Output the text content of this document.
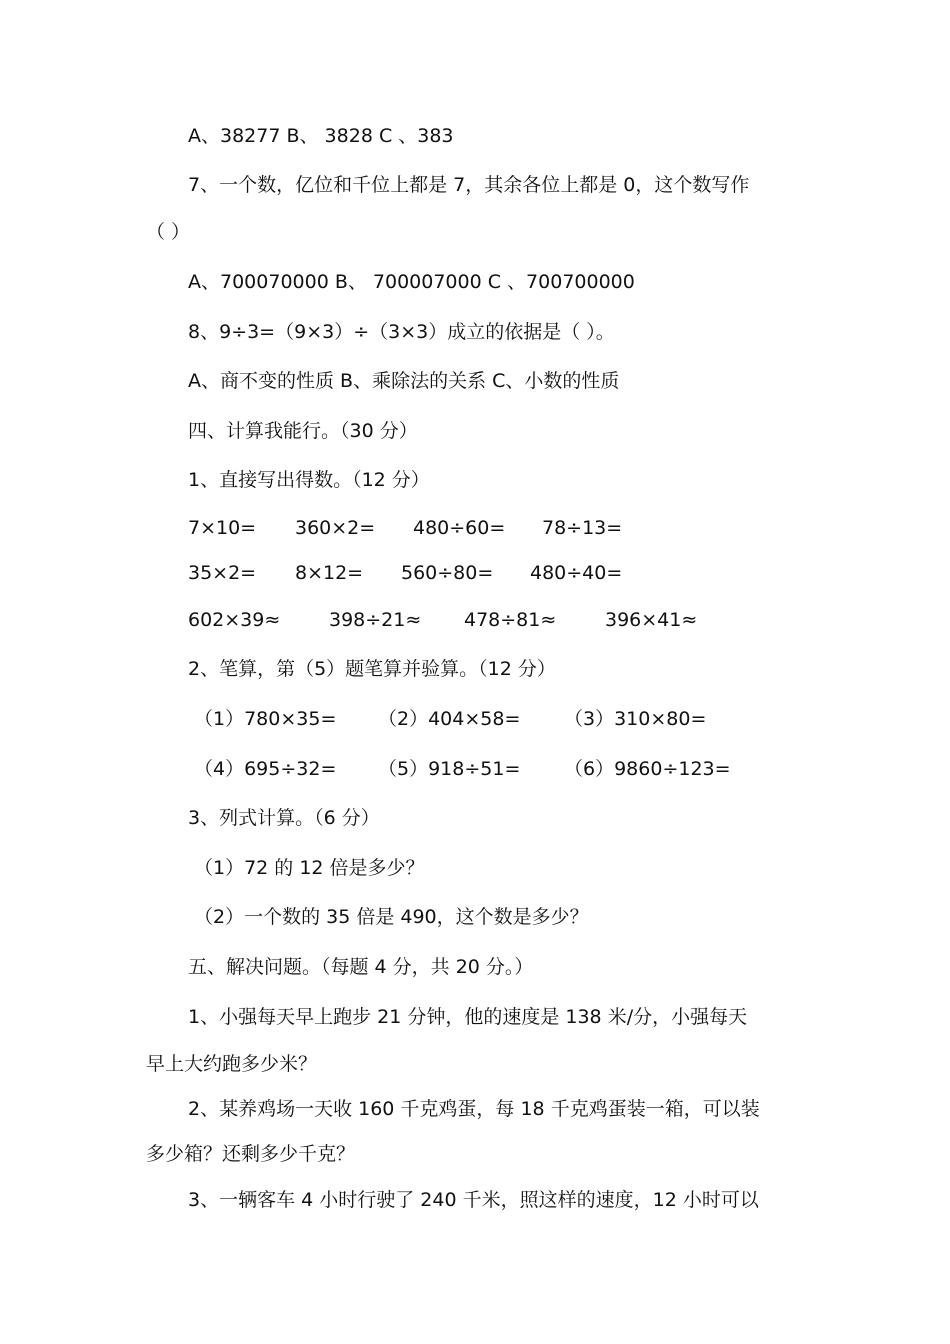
A、38277 B、 3828 C 、383
7、一个数，亿位和千位上都是 7，其余各位上都是 0，这个数写作
（ ）
A、700070000 B、 700007000 C 、700700000
8、9÷3=（9×3）÷（3×3）成立的依据是（ ）。
A、商不变的性质 B、乘除法的关系 C、小数的性质
四、计算我能行。（30 分）
1、直接写出得数。（12 分）
7×10= 360×2= 480÷60= 78÷13=
35×2= 8×12= 560÷80= 480÷40=
602×39≈	398÷21≈ 478÷81≈	396×41≈
2、笔算，第（5）题笔算并验算。（12 分）
（1）780×35= （2）404×58= （3）310×80=
（4）695÷32= （5）918÷51= （6）9860÷123=
3、列式计算。（6 分）
（1）72 的 12 倍是多少？
（2）一个数的 35 倍是 490，这个数是多少？
五、解决问题。（每题 4 分，共 20 分。）
1、小强每天早上跑步 21 分钟，他的速度是 138 米/分，小强每天
早上大约跑多少米？
2、某养鸡场一天收 160 千克鸡蛋，每 18 千克鸡蛋装一箱，可以装
多少箱？还剩多少千克？
3、一辆客车 4 小时行驶了 240 千米，照这样的速度，12 小时可以
